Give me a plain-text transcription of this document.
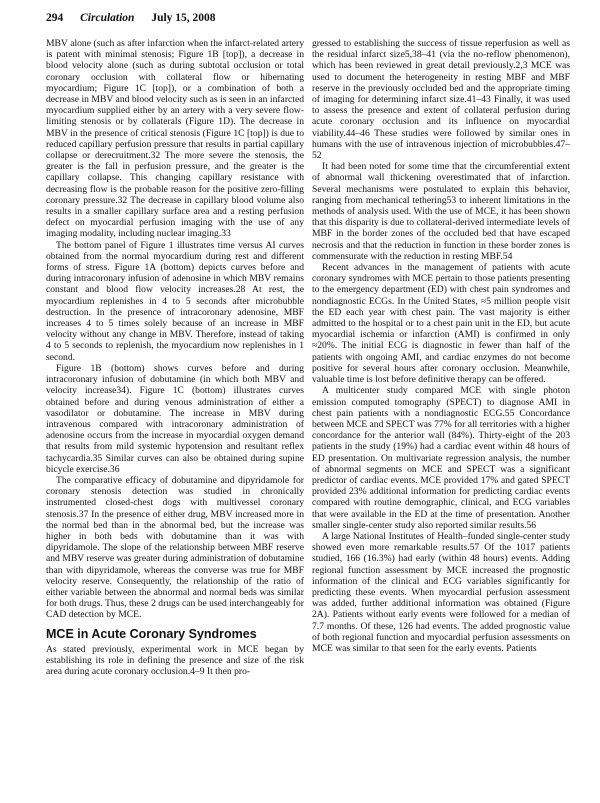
294 Circulation July 15, 2008

MBV alone (such as after infarction when the infarct-related artery is patent with minimal stenosis; Figure 1B [top]), a decrease in blood velocity alone (such as during subtotal occlusion or total coronary occlusion with collateral flow or hibernating myocardium; Figure 1C [top]), or a combination of both a decrease in MBV and blood velocity such as is seen in an infarcted myocardium supplied either by an artery with a very severe flow-limiting stenosis or by collaterals (Figure 1D). The decrease in MBV in the presence of critical stenosis (Figure 1C [top]) is due to reduced capillary perfusion pressure that results in partial capillary collapse or derecruitment.32 The more severe the stenosis, the greater is the fall in perfusion pressure, and the greater is the capillary collapse. This changing capillary resistance with decreasing flow is the probable reason for the positive zero-filling coronary pressure.32 The decrease in capillary blood volume also results in a smaller capillary surface area and a resting perfusion defect on myocardial perfusion imaging with the use of any imaging modality, including nuclear imaging.33

The bottom panel of Figure 1 illustrates time versus AI curves obtained from the normal myocardium during rest and different forms of stress. Figure 1A (bottom) depicts curves before and during intracoronary infusion of adenosine in which MBV remains constant and blood flow velocity increases.28 At rest, the myocardium replenishes in 4 to 5 seconds after microbubble destruction. In the presence of intracoronary adenosine, MBF increases 4 to 5 times solely because of an increase in MBF velocity without any change in MBV. Therefore, instead of taking 4 to 5 seconds to replenish, the myocardium now replenishes in 1 second.

Figure 1B (bottom) shows curves before and during intracoronary infusion of dobutamine (in which both MBV and velocity increase34). Figure 1C (bottom) illustrates curves obtained before and during venous administration of either a vasodilator or dobutamine. The increase in MBV during intravenous compared with intracoronary administration of adenosine occurs from the increase in myocardial oxygen demand that results from mild systemic hypotension and resultant reflex tachycardia.35 Similar curves can also be obtained during supine bicycle exercise.36

The comparative efficacy of dobutamine and dipyridamole for coronary stenosis detection was studied in chronically instrumented closed-chest dogs with multivessel coronary stenosis.37 In the presence of either drug, MBV increased more in the normal bed than in the abnormal bed, but the increase was higher in both beds with dobutamine than it was with dipyridamole. The slope of the relationship between MBF reserve and MBV reserve was greater during administration of dobutamine than with dipyridamole, whereas the converse was true for MBF velocity reserve. Consequently, the relationship of the ratio of either variable between the abnormal and normal beds was similar for both drugs. Thus, these 2 drugs can be used interchangeably for CAD detection by MCE.

MCE in Acute Coronary Syndromes

As stated previously, experimental work in MCE began by establishing its role in defining the presence and size of the risk area during acute coronary occlusion.4–9 It then pro-

gressed to establishing the success of tissue reperfusion as well as the residual infarct size5,38–41 (via the no-reflow phenomenon), which has been reviewed in great detail previously.2,3 MCE was used to document the heterogeneity in resting MBF and MBF reserve in the previously occluded bed and the appropriate timing of imaging for determining infarct size.41–43 Finally, it was used to assess the presence and extent of collateral perfusion during acute coronary occlusion and its influence on myocardial viability.44–46 These studies were followed by similar ones in humans with the use of intravenous injection of microbubbles.47–52

It had been noted for some time that the circumferential extent of abnormal wall thickening overestimated that of infarction. Several mechanisms were postulated to explain this behavior, ranging from mechanical tethering53 to inherent limitations in the methods of analysis used. With the use of MCE, it has been shown that this disparity is due to collateral-derived intermediate levels of MBF in the border zones of the occluded bed that have escaped necrosis and that the reduction in function in these border zones is commensurate with the reduction in resting MBF.54

Recent advances in the management of patients with acute coronary syndromes with MCE pertain to those patients presenting to the emergency department (ED) with chest pain syndromes and nondiagnostic ECGs. In the United States, ≈5 million people visit the ED each year with chest pain. The vast majority is either admitted to the hospital or to a chest pain unit in the ED, but acute myocardial ischemia or infarction (AMI) is confirmed in only ≈20%. The initial ECG is diagnostic in fewer than half of the patients with ongoing AMI, and cardiac enzymes do not become positive for several hours after coronary occlusion. Meanwhile, valuable time is lost before definitive therapy can be offered.

A multicenter study compared MCE with single photon emission computed tomography (SPECT) to diagnose AMI in chest pain patients with a nondiagnostic ECG.55 Concordance between MCE and SPECT was 77% for all territories with a higher concordance for the anterior wall (84%). Thirty-eight of the 203 patients in the study (19%) had a cardiac event within 48 hours of ED presentation. On multivariate regression analysis, the number of abnormal segments on MCE and SPECT was a significant predictor of cardiac events. MCE provided 17% and gated SPECT provided 23% additional information for predicting cardiac events compared with routine demographic, clinical, and ECG variables that were available in the ED at the time of presentation. Another smaller single-center study also reported similar results.56

A large National Institutes of Health–funded single-center study showed even more remarkable results.57 Of the 1017 patients studied, 166 (16.3%) had early (within 48 hours) events. Adding regional function assessment by MCE increased the prognostic information of the clinical and ECG variables significantly for predicting these events. When myocardial perfusion assessment was added, further additional information was obtained (Figure 2A). Patients without early events were followed for a median of 7.7 months. Of these, 126 had events. The added prognostic value of both regional function and myocardial perfusion assessments on MCE was similar to that seen for the early events. Patients
